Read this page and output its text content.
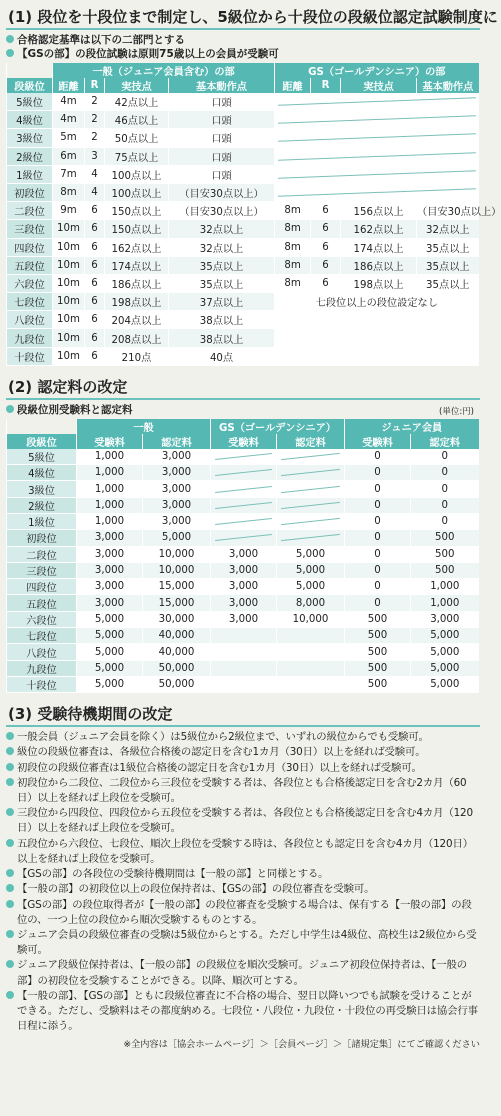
(1) 段位を十段位まで制定し、5級位から十段位の段級位認定試験制度に
合格認定基準は以下の二部門とする
【GSの部】の段位試験は原則75歳以上の会員が受験可
	一般（ジュニア会員含む）の部				GS（ゴールデンシニア）の部			
段級位	距離	R	実技点	基本動作点	距離	R	実技点	基本動作点
5級位	4m	2	42点以上	口頭				

4級位	4m	2	46点以上	口頭				

3級位	5m	2	50点以上	口頭				

2級位	6m	3	75点以上	口頭				

1級位	7m	4	100点以上	口頭				

初段位	8m	4	100点以上	（目安30点以上）				

二段位	9m	6	150点以上	（目安30点以上）	8m	6	156点以上	（目安30点以上）
三段位	10m	6	150点以上	32点以上	8m	6	162点以上	32点以上
四段位	10m	6	162点以上	32点以上	8m	6	174点以上	35点以上
五段位	10m	6	174点以上	35点以上	8m	6	186点以上	35点以上
六段位	10m	6	186点以上	35点以上	8m	6	198点以上	35点以上
七段位	10m	6	198点以上	37点以上	七段位以上の段位設定なし			
八段位	10m	6	204点以上	38点以上				
九段位	10m	6	208点以上	38点以上				
十段位	10m	6	210点	40点				
(2) 認定料の改定
段級位別受験料と認定料	(単位:円)
	一般		GS（ゴールデンシニア）		ジュニア会員	
段級位	受験料	認定料	受験料	認定料	受験料	認定料
5級位	1,000	3,000			0	0
4級位	1,000	3,000			0	0
3級位	1,000	3,000			0	0
2級位	1,000	3,000			0	0
1級位	1,000	3,000			0	0
初段位	3,000	5,000			0	500
二段位	3,000	10,000	3,000	5,000	0	500
三段位	3,000	10,000	3,000	5,000	0	500
四段位	3,000	15,000	3,000	5,000	0	1,000
五段位	3,000	15,000	3,000	8,000	0	1,000
六段位	5,000	30,000	3,000	10,000	500	3,000
七段位	5,000	40,000			500	5,000
八段位	5,000	40,000			500	5,000
九段位	5,000	50,000			500	5,000
十段位	5,000	50,000			500	5,000
(3) 受験待機期間の改定
一般会員（ジュニア会員を除く）は5級位から2級位まで、いずれの級位からでも受験可。
級位の段級位審査は、各級位合格後の認定日を含む1カ月（30日）以上を経れば受験可。
初段位の段級位審査は1級位合格後の認定日を含む1カ月（30日）以上を経れば受験可。
初段位から二段位、二段位から三段位を受験する者は、各段位とも合格後認定日を含む2カ月（60日）以上を経れば上段位を受験可。
三段位から四段位、四段位から五段位を受験する者は、各段位とも合格後認定日を含む4カ月（120日）以上を経れば上段位を受験可。
五段位から六段位、七段位、順次上段位を受験する時は、各段位とも認定日を含む4カ月（120日）以上を経れば上段位を受験可。
【GSの部】の各段位の受験待機期間は【一般の部】と同様とする。
【一般の部】の初段位以上の段位保持者は、【GSの部】の段位審査を受験可。
【GSの部】の段位取得者が【一般の部】の段位審査を受験する場合は、保有する【一般の部】の段位の、一つ上位の段位から順次受験するものとする。
ジュニア会員の段級位審査の受験は5級位からとする。ただし中学生は4級位、高校生は2級位から受験可。
ジュニア段級位保持者は、【一般の部】の段級位を順次受験可。ジュニア初段位保持者は、【一般の部】の初段位を受験することができる。以降、順次可とする。
【一般の部】、【GSの部】ともに段級位審査に不合格の場合、翌日以降いつでも試験を受けることができる。ただし、受験料はその都度納める。七段位・八段位・九段位・十段位の再受験日は協会行事日程に添う。
※全内容は［協会ホームページ］＞［会員ページ］＞［諸規定集］にてご確認ください
